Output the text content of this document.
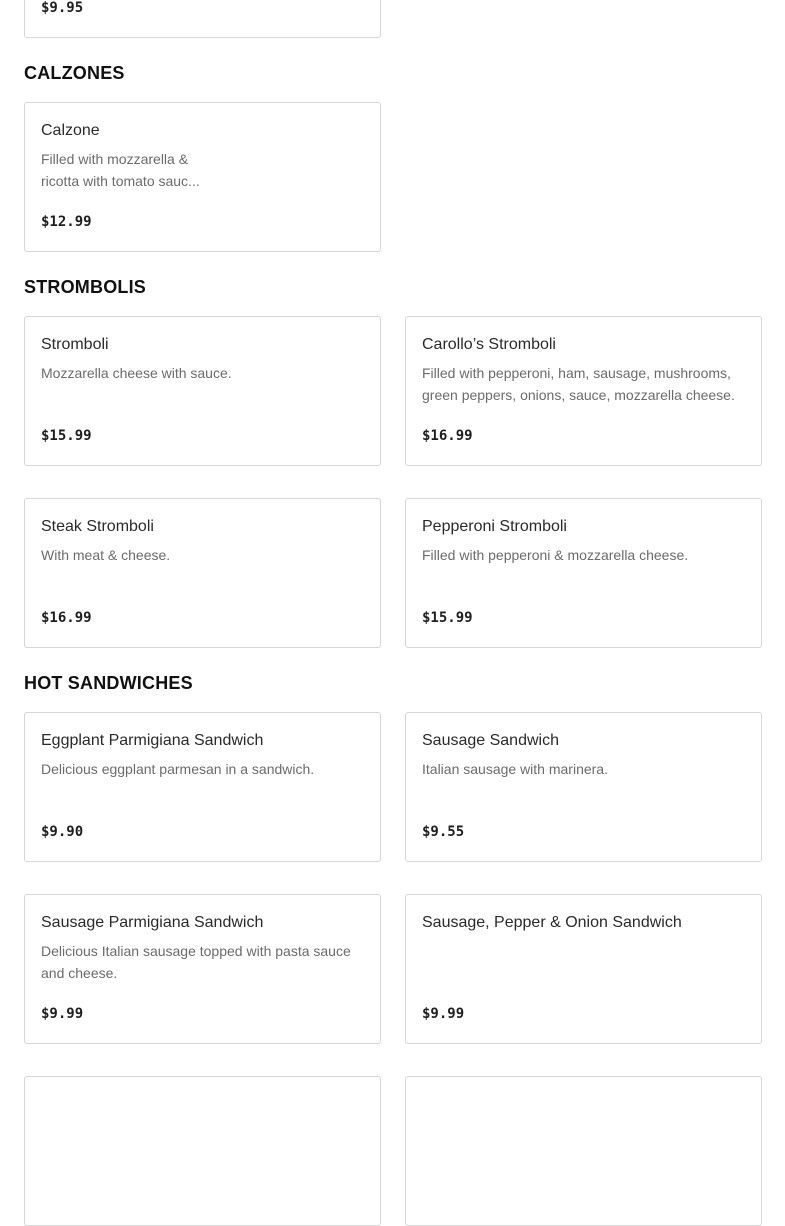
$9.95
CALZONES
Calzone
Filled with mozzarella & ricotta with tomato sauc...
$12.99
STROMBOLIS
Stromboli
Mozzarella cheese with sauce.
$15.99
Carollo’s Stromboli
Filled with pepperoni, ham, sausage, mushrooms, green peppers, onions, sauce, mozzarella cheese.
$16.99
Steak Stromboli
With meat & cheese.
$16.99
Pepperoni Stromboli
Filled with pepperoni & mozzarella cheese.
$15.99
HOT SANDWICHES
Eggplant Parmigiana Sandwich
Delicious eggplant parmesan in a sandwich.
$9.90
Sausage Sandwich
Italian sausage with marinera.
$9.55
Sausage Parmigiana Sandwich
Delicious Italian sausage topped with pasta sauce and cheese.
$9.99
Sausage, Pepper & Onion Sandwich
$9.99
